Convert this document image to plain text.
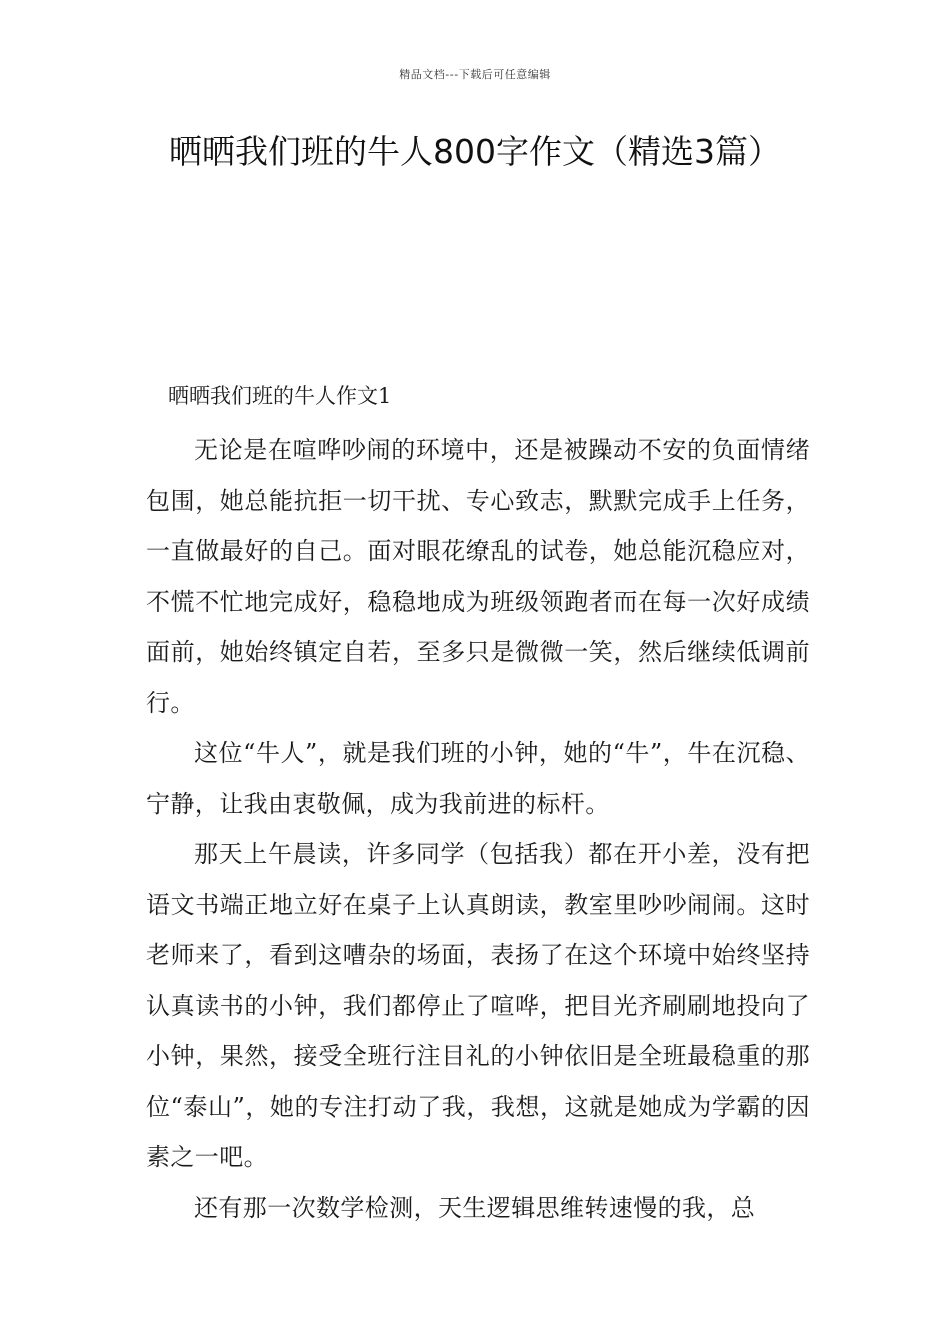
精品文档---下载后可任意编辑
晒晒我们班的牛人800字作文（精选3篇）
晒晒我们班的牛人作文1

无论是在喧哗吵闹的环境中，还是被躁动不安的负面情绪包围，她总能抗拒一切干扰、专心致志，默默完成手上任务，一直做最好的自己。面对眼花缭乱的试卷，她总能沉稳应对，不慌不忙地完成好，稳稳地成为班级领跑者而在每一次好成绩面前，她始终镇定自若，至多只是微微一笑，然后继续低调前行。

这位“牛人”，就是我们班的小钟，她的“牛”，牛在沉稳、宁静，让我由衷敬佩，成为我前进的标杆。

那天上午晨读，许多同学（包括我）都在开小差，没有把语文书端正地立好在桌子上认真朗读，教室里吵吵闹闹。这时老师来了，看到这嘈杂的场面，表扬了在这个环境中始终坚持认真读书的小钟，我们都停止了喧哗，把目光齐刷刷地投向了小钟，果然，接受全班行注目礼的小钟依旧是全班最稳重的那位“泰山”，她的专注打动了我，我想，这就是她成为学霸的因素之一吧。

还有那一次数学检测，天生逻辑思维转速慢的我，总
